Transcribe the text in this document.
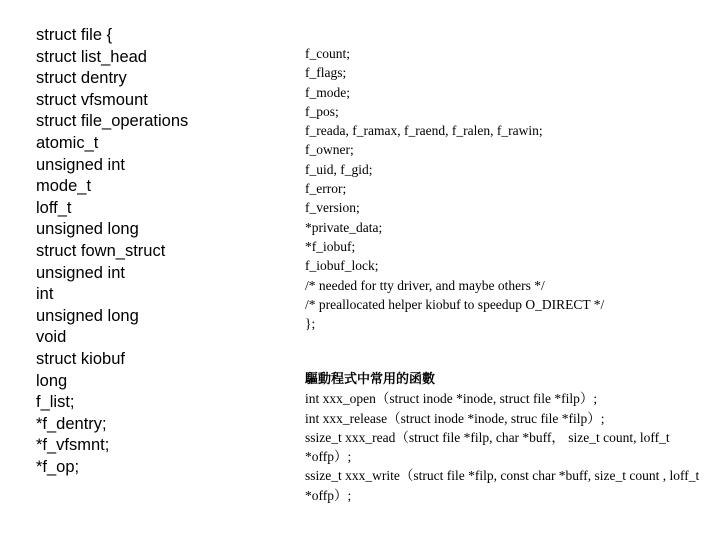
struct file {
struct list_head
struct dentry
struct vfsmount
struct file_operations
atomic_t
unsigned int
mode_t
loff_t
unsigned long
struct fown_struct
unsigned int
int
unsigned long
void
struct kiobuf
long
f_list;
*f_dentry;
*f_vfsmnt;
*f_op;
f_count;
f_flags;
f_mode;
f_pos;
f_reada, f_ramax, f_raend, f_ralen, f_rawin;
f_owner;
f_uid, f_gid;
f_error;
f_version;
*private_data;
*f_iobuf;
f_iobuf_lock;
/* needed for tty driver, and maybe others */
/* preallocated helper kiobuf to speedup O_DIRECT */
};
驅動程式中常用的函數
int xxx_open（struct inode *inode, struct file *filp）;
int xxx_release（struct inode *inode, struc file *filp）;
ssize_t xxx_read（struct file *filp, char *buff， size_t count, loff_t *offp）;
ssize_t xxx_write（struct file *filp, const char *buff, size_t count , loff_t *offp）;
